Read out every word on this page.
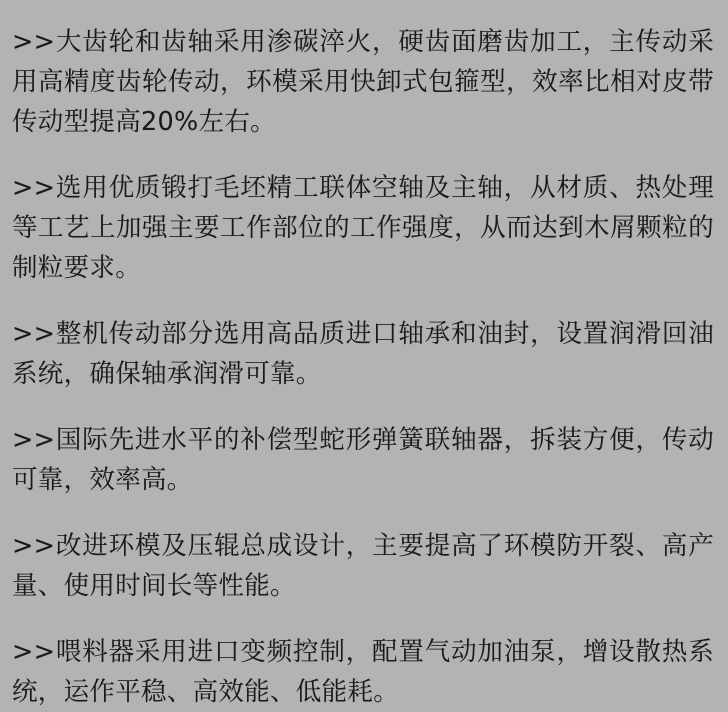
>>大齿轮和齿轴采用渗碳淬火，硬齿面磨齿加工，主传动采用高精度齿轮传动，环模采用快卸式包箍型，效率比相对皮带传动型提高20%左右。

>>选用优质锻打毛坯精工联体空轴及主轴，从材质、热处理等工艺上加强主要工作部位的工作强度，从而达到木屑颗粒的制粒要求。

>>整机传动部分选用高品质进口轴承和油封，设置润滑回油系统，确保轴承润滑可靠。

>>国际先进水平的补偿型蛇形弹簧联轴器，拆装方便，传动可靠，效率高。

>>改进环模及压辊总成设计，主要提高了环模防开裂、高产量、使用时间长等性能。

>>喂料器采用进口变频控制，配置气动加油泵，增设散热系统，运作平稳、高效能、低能耗。
